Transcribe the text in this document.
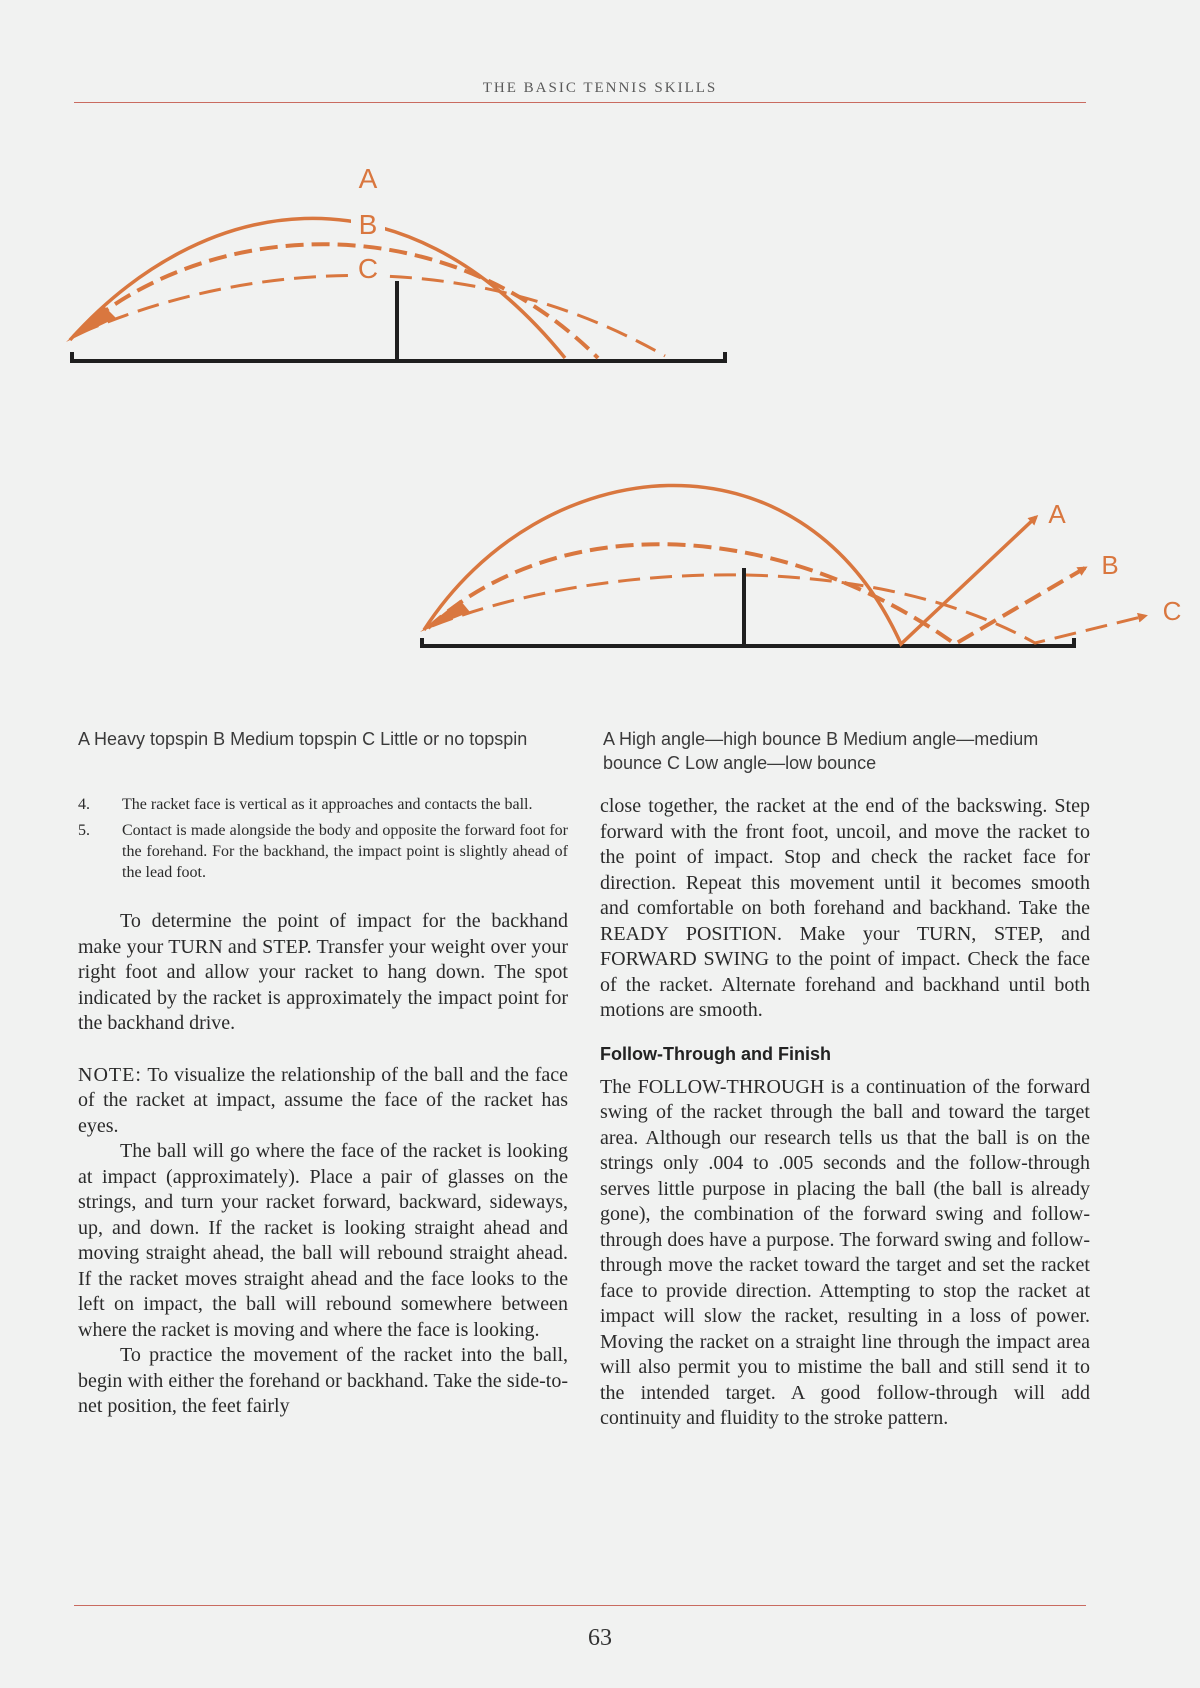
THE BASIC TENNIS SKILLS
A
B
C
A
B
C
A Heavy topspin B Medium topspin C Little or no topspin	A High angle—high bounce B Medium angle—medium bounce C Low angle—low bounce
4.	The racket face is vertical as it approaches and contacts the ball.
5.	Contact is made alongside the body and opposite the forward foot for the forehand. For the backhand, the impact point is slightly ahead of the lead foot.

To determine the point of impact for the backhand make your TURN and STEP. Transfer your weight over your right foot and allow your racket to hang down. The spot indicated by the racket is approximately the impact point for the backhand drive.

NOTE: To visualize the relationship of the ball and the face of the racket at impact, assume the face of the racket has eyes.

The ball will go where the face of the racket is looking at impact (approximately). Place a pair of glasses on the strings, and turn your racket forward, backward, sideways, up, and down. If the racket is looking straight ahead and moving straight ahead, the ball will rebound straight ahead. If the racket moves straight ahead and the face looks to the left on impact, the ball will rebound somewhere between where the racket is moving and where the face is looking.

To practice the movement of the racket into the ball, begin with either the forehand or backhand. Take the side-to-net position, the feet fairly

close together, the racket at the end of the backswing. Step forward with the front foot, uncoil, and move the racket to the point of impact. Stop and check the racket face for direction. Repeat this movement until it becomes smooth and comfortable on both forehand and backhand. Take the READY POSITION. Make your TURN, STEP, and FORWARD SWING to the point of impact. Check the face of the racket. Alternate forehand and backhand until both motions are smooth.

Follow-Through and Finish

The FOLLOW-THROUGH is a continuation of the forward swing of the racket through the ball and toward the target area. Although our research tells us that the ball is on the strings only .004 to .005 seconds and the follow-through serves little purpose in placing the ball (the ball is already gone), the combination of the forward swing and follow-through does have a purpose. The forward swing and follow-through move the racket toward the target and set the racket face to provide direction. Attempting to stop the racket at impact will slow the racket, resulting in a loss of power. Moving the racket on a straight line through the impact area will also permit you to mistime the ball and still send it to the intended target. A good follow-through will add continuity and fluidity to the stroke pattern.

63
